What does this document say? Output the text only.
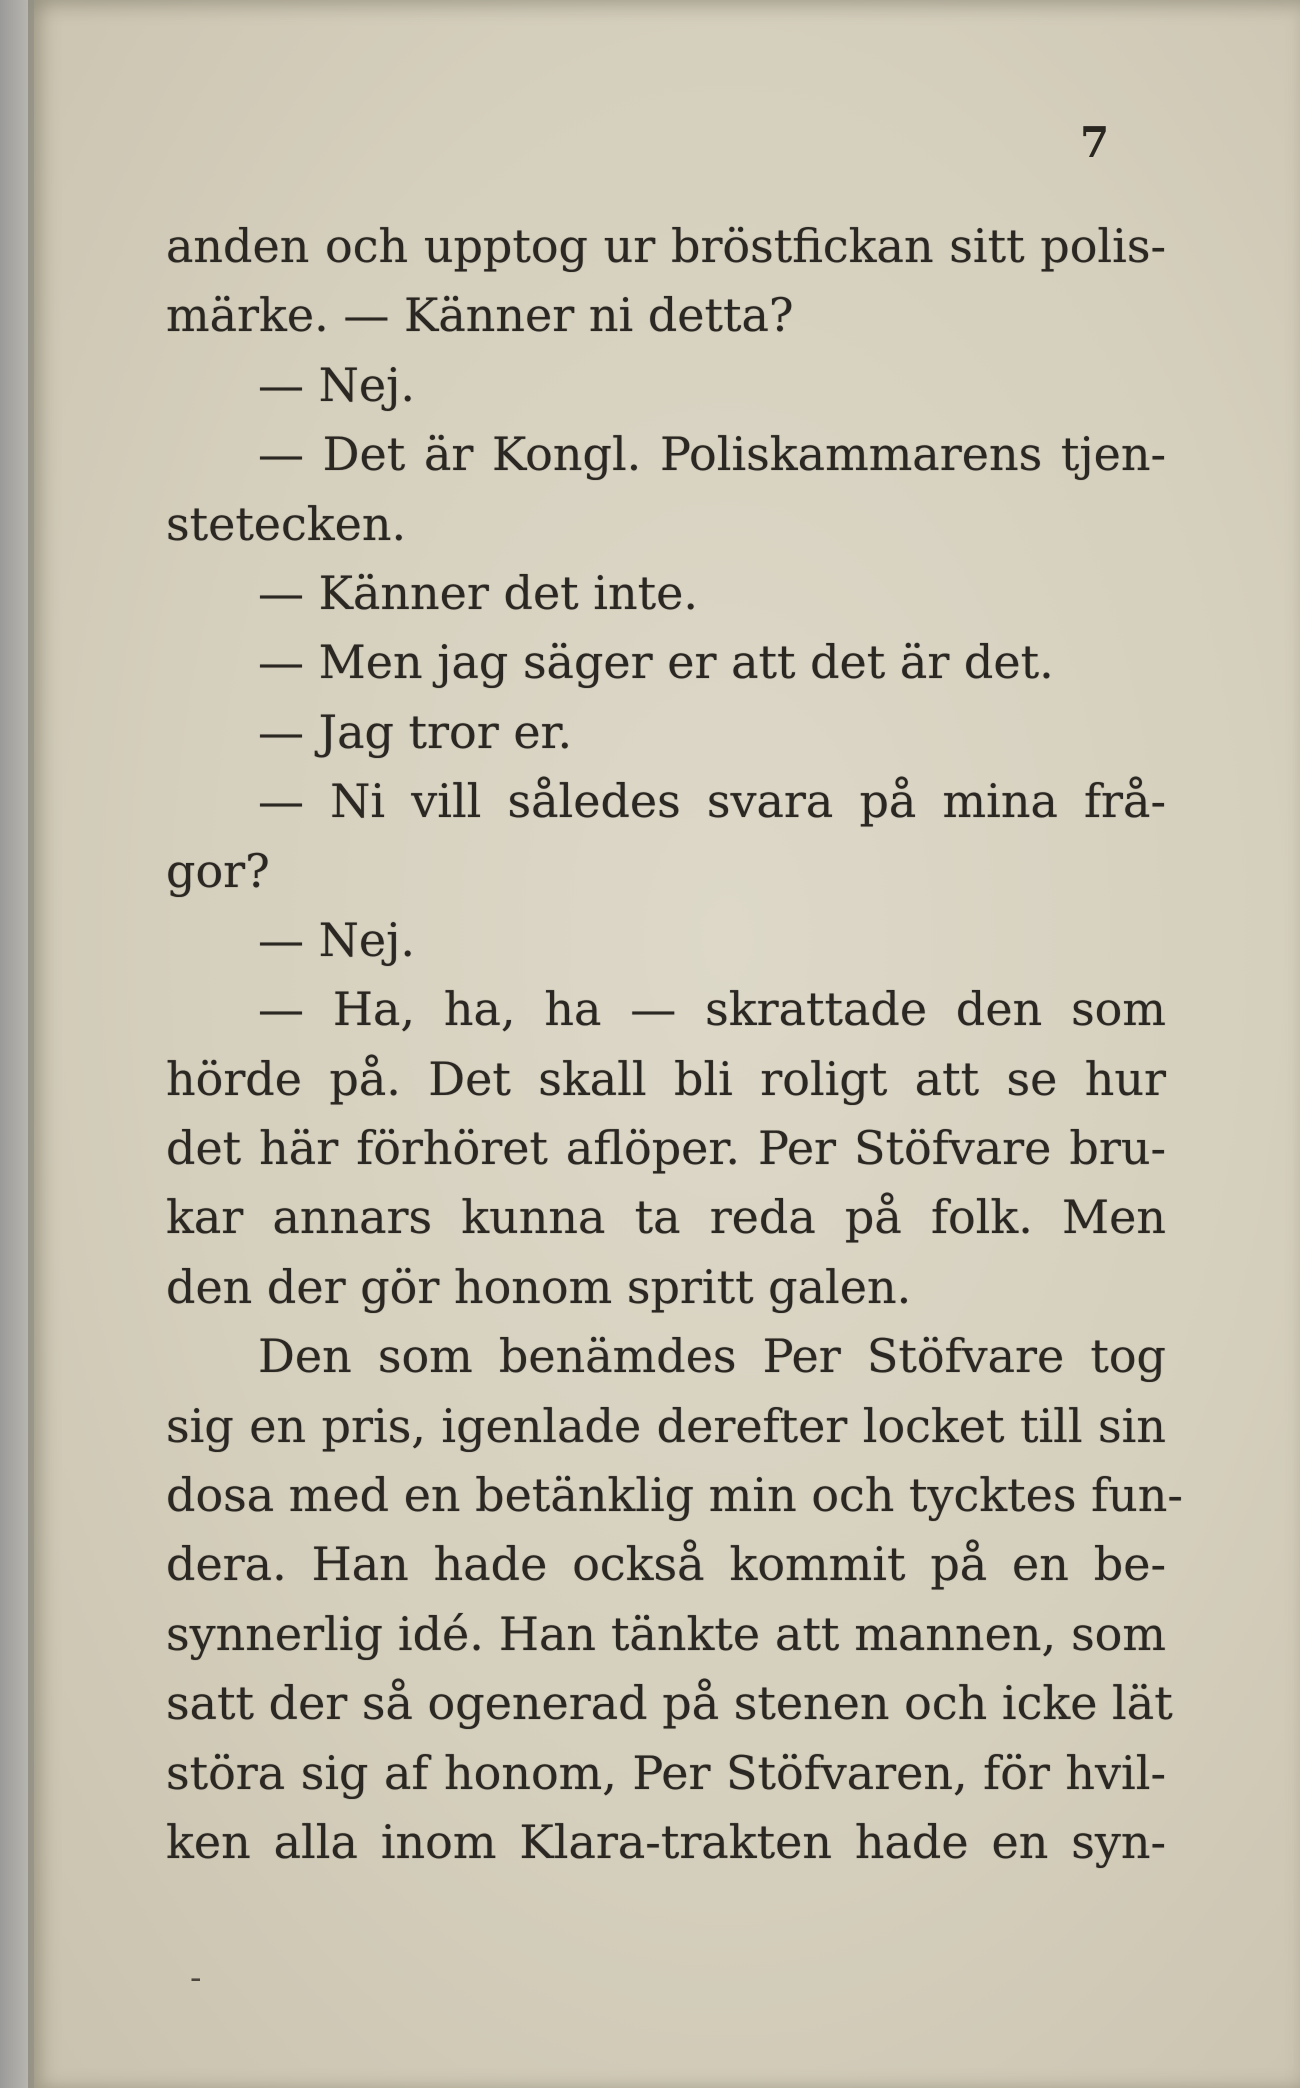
7
anden och upptog ur bröstfickan sitt polis-
märke. — Känner ni detta?
— Nej.
— Det är Kongl. Poliskammarens tjen-
stetecken.
— Känner det inte.
— Men jag säger er att det är det.
— Jag tror er.
— Ni vill således svara på mina frå-
gor?
— Nej.
— Ha, ha, ha — skrattade den som
hörde på. Det skall bli roligt att se hur
det här förhöret aflöper. Per Stöfvare bru-
kar annars kunna ta reda på folk. Men
den der gör honom spritt galen.
Den som benämdes Per Stöfvare tog
sig en pris, igenlade derefter locket till sin
dosa med en betänklig min och tycktes fun-
dera. Han hade också kommit på en be-
synnerlig idé. Han tänkte att mannen, som
satt der så ogenerad på stenen och icke lät
störa sig af honom, Per Stöfvaren, för hvil-
ken alla inom Klara-trakten hade en syn-
-
